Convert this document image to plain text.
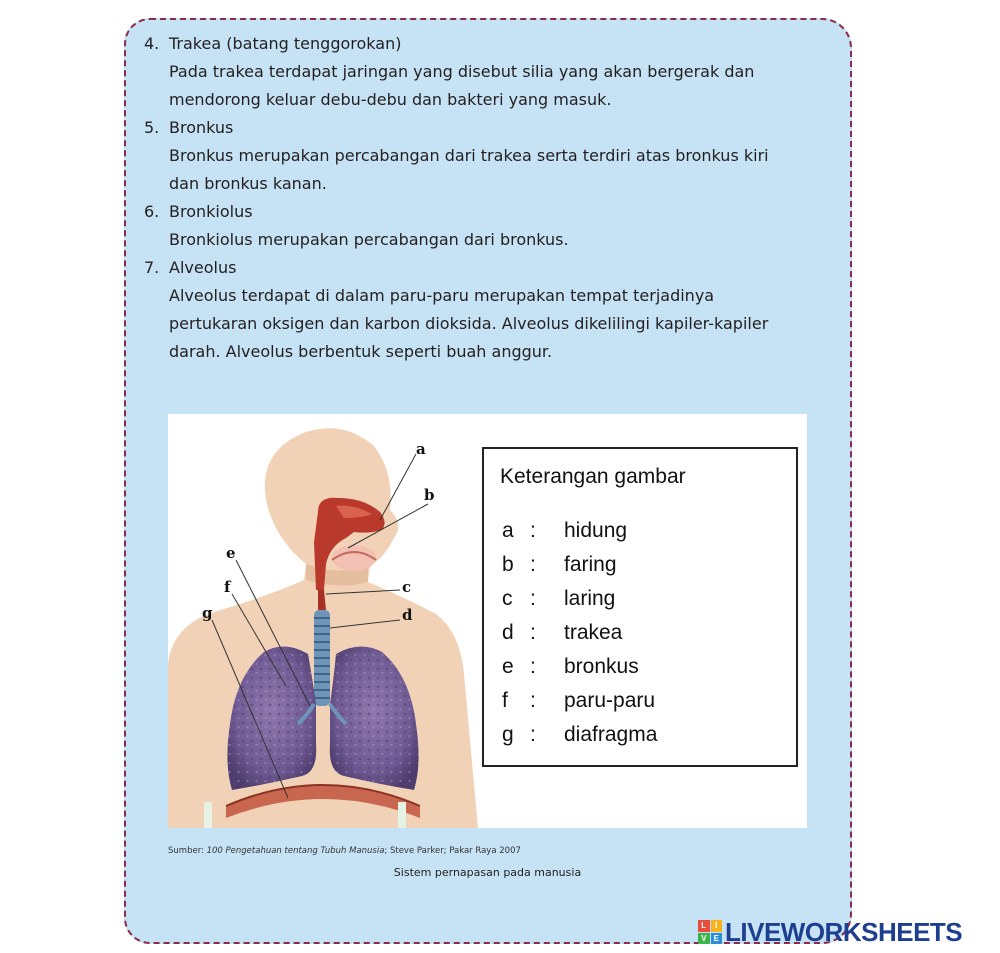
4. Trakea (batang tenggorokan)
Pada trakea terdapat jaringan yang disebut silia yang akan bergerak dan
mendorong keluar debu-debu dan bakteri yang masuk.
5. Bronkus
Bronkus merupakan percabangan dari trakea serta terdiri atas bronkus kiri
dan bronkus kanan.
6. Bronkiolus
Bronkiolus merupakan percabangan dari bronkus.
7. Alveolus
Alveolus terdapat di dalam paru-paru merupakan tempat terjadinya
pertukaran oksigen dan karbon dioksida. Alveolus dikelilingi kapiler-kapiler
darah. Alveolus berbentuk seperti buah anggur.
a
b
c
d
e
f
g
Keterangan gambar
a : hidung
b : faring
c : laring
d : trakea
e : bronkus
f : paru-paru
g : diafragma
Sumber: 100 Pengetahuan tentang Tubuh Manusia; Steve Parker; Pakar Raya 2007
Sistem pernapasan pada manusia
L	I
V E LIVEWORKSHEETS
